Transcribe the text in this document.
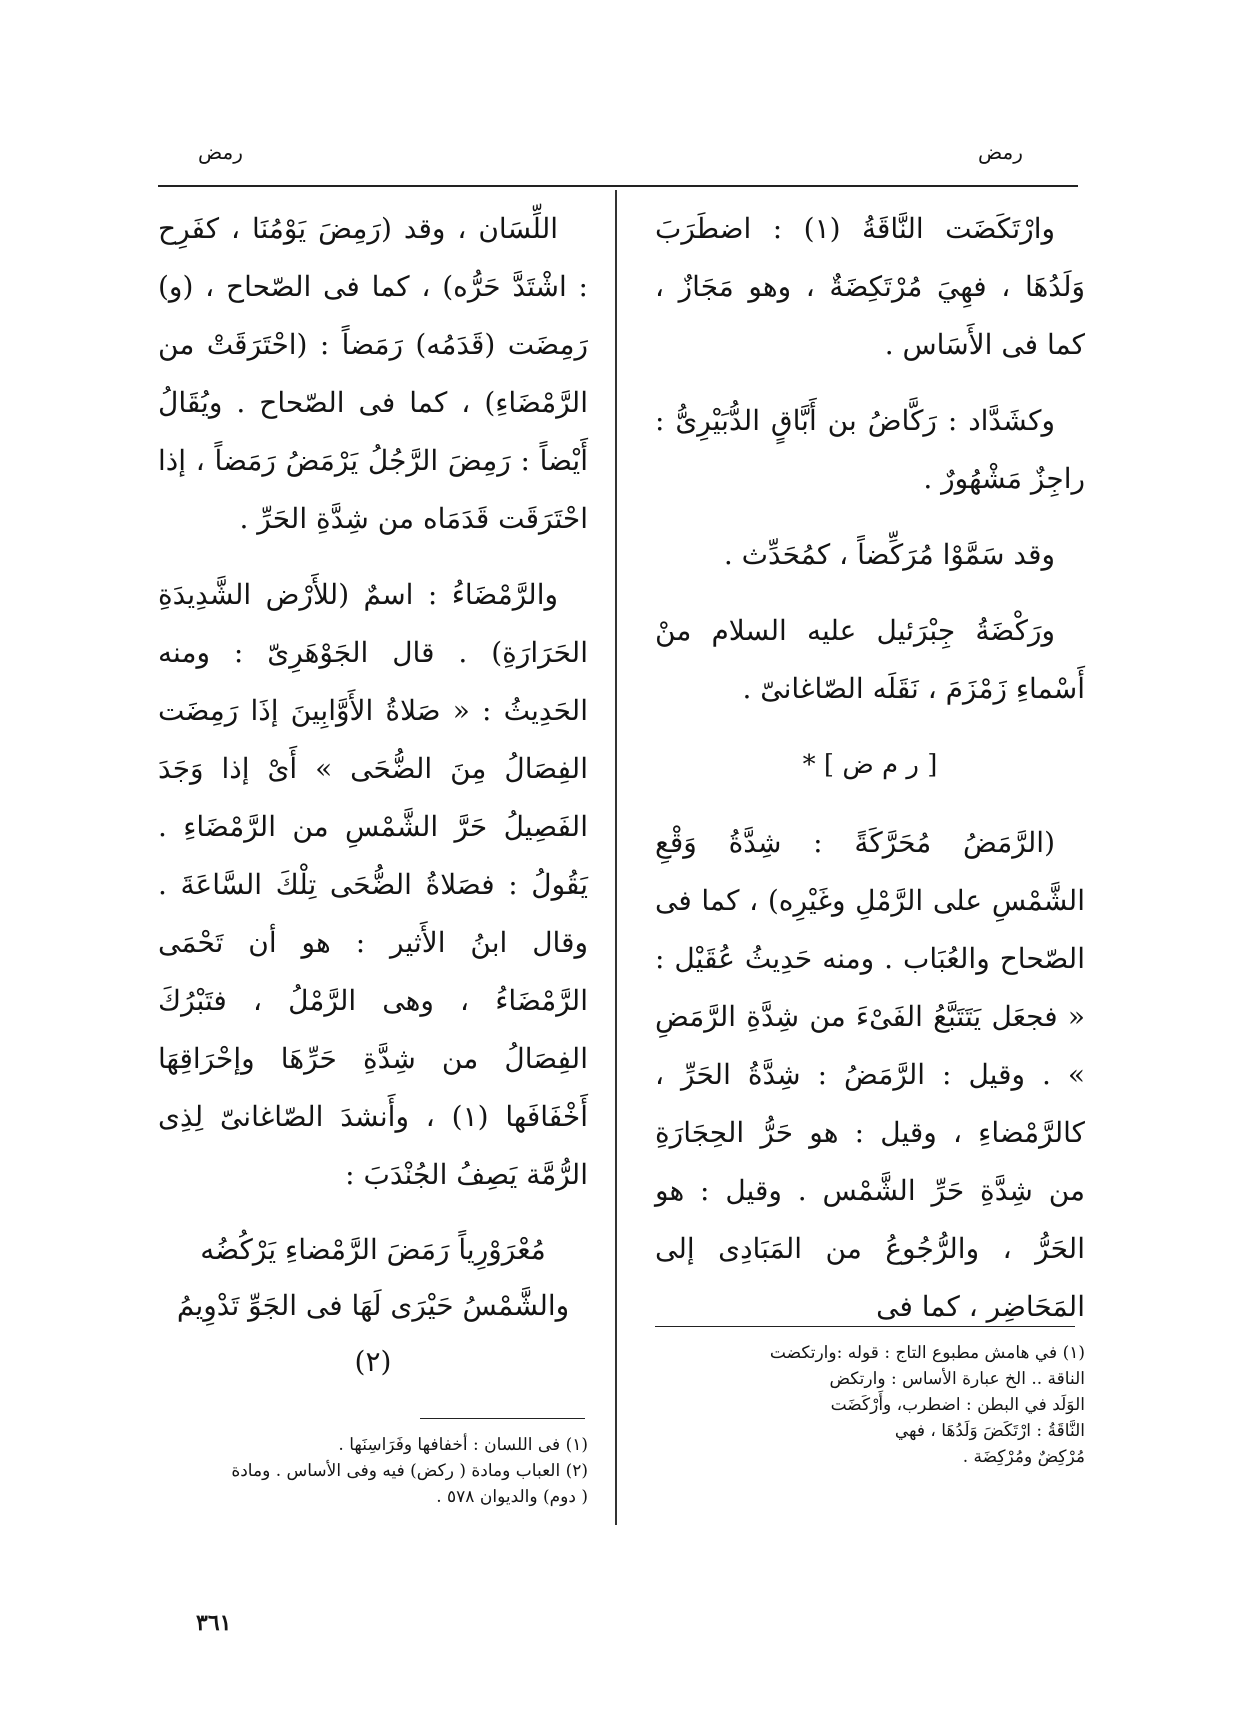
رمض
رمض

وارْتَكَضَت النَّاقَةُ (١) : اضطَرَبَ وَلَدُهَا ، فهِيَ مُرْتَكِضَةٌ ، وهو مَجَازٌ ، كما فى الأَسَاس .

وكشَدَّاد : رَكَّاضُ بن أَبَّاقٍ الدُّبَيْرِىُّ : راجِزٌ مَشْهُورٌ .

وقد سَمَّوْا مُرَكِّضاً ، كمُحَدِّث .

ورَكْضَةُ جِبْرَئيل عليه السلام منْ أَسْماءِ زَمْزَمَ ، نَقَلَه الصّاغانىّ .

[ ر م ض ] *

(الرَّمَضُ مُحَرَّكَةً : شِدَّةُ وَقْعِ الشَّمْسِ على الرَّمْلِ وغَيْرِه) ، كما فى الصّحاح والعُبَاب . ومنه حَدِيثُ عُقَيْل : « فجعَل يَتَتَبَّعُ الفَىْءَ من شِدَّةِ الرَّمَضِ » . وقيل : الرَّمَضُ : شِدَّةُ الحَرِّ ، كالرَّمْضاءِ ، وقيل : هو حَرُّ الحِجَارَةِ من شِدَّةِ حَرِّ الشَّمْس . وقيل : هو الحَرُّ ، والرُّجُوعُ من المَبَادِى إلى المَحَاضِر ، كما فى

اللِّسَان ، وقد (رَمِضَ يَوْمُنَا ، كفَرِح : اشْتَدَّ حَرُّه) ، كما فى الصّحاح ، (و) رَمِضَت (قَدَمُه) رَمَضاً : (احْتَرَقَتْ من الرَّمْضَاءِ) ، كما فى الصّحاح . ويُقَالُ أَيْضاً : رَمِضَ الرَّجُلُ يَرْمَضُ رَمَضاً ، إذا احْتَرَقَت قَدَمَاه من شِدَّةِ الحَرِّ .

والرَّمْضَاءُ : اسمٌ (للأَرْض الشَّدِيدَةِ الحَرَارَةِ) . قال الجَوْهَرِىّ : ومنه الحَدِيثُ : « صَلاةُ الأَوَّابِينَ إذَا رَمِضَت الفِصَالُ مِنَ الضُّحَى » أَىْ إذا وَجَدَ الفَصِيلُ حَرَّ الشَّمْسِ من الرَّمْضَاءِ . يَقُولُ : فصَلاةُ الضُّحَى تِلْكَ السَّاعَةَ . وقال ابنُ الأَثير : هو أن تَحْمَى الرَّمْضَاءُ ، وهى الرَّمْلُ ، فتَبْرُكَ الفِصَالُ من شِدَّةِ حَرِّهَا وإحْرَاقِهَا أَخْفَافَها (١) ، وأَنشدَ الصّاغانىّ لِذِى الرُّمَّة يَصِفُ الجُنْدَبَ :

مُعْرَوْرِياً رَمَضَ الرَّمْضاءِ يَرْكُضُه
والشَّمْسُ حَيْرَى لَهَا فى الجَوِّ تَدْوِيمُ (٢)	(١) في هامش مطبوع التاج : قوله :وارتكضت
الناقة .. الخ عبارة الأساس : وارتكض
الوَلَد في البطن : اضطرب، وأَرْكَضَت
النَّاقَةُ : ارْتَكَضَ وَلَدُهَا ، فهي
مُرْكِضٌ ومُرْكِضَة .
(١) فى اللسان : أخفافها وفَرَاسِنَها .
(٢) العباب ومادة ( ركض) فيه وفى الأساس . ومادة
( دوم) والديوان ٥٧٨ .
٣٦١
